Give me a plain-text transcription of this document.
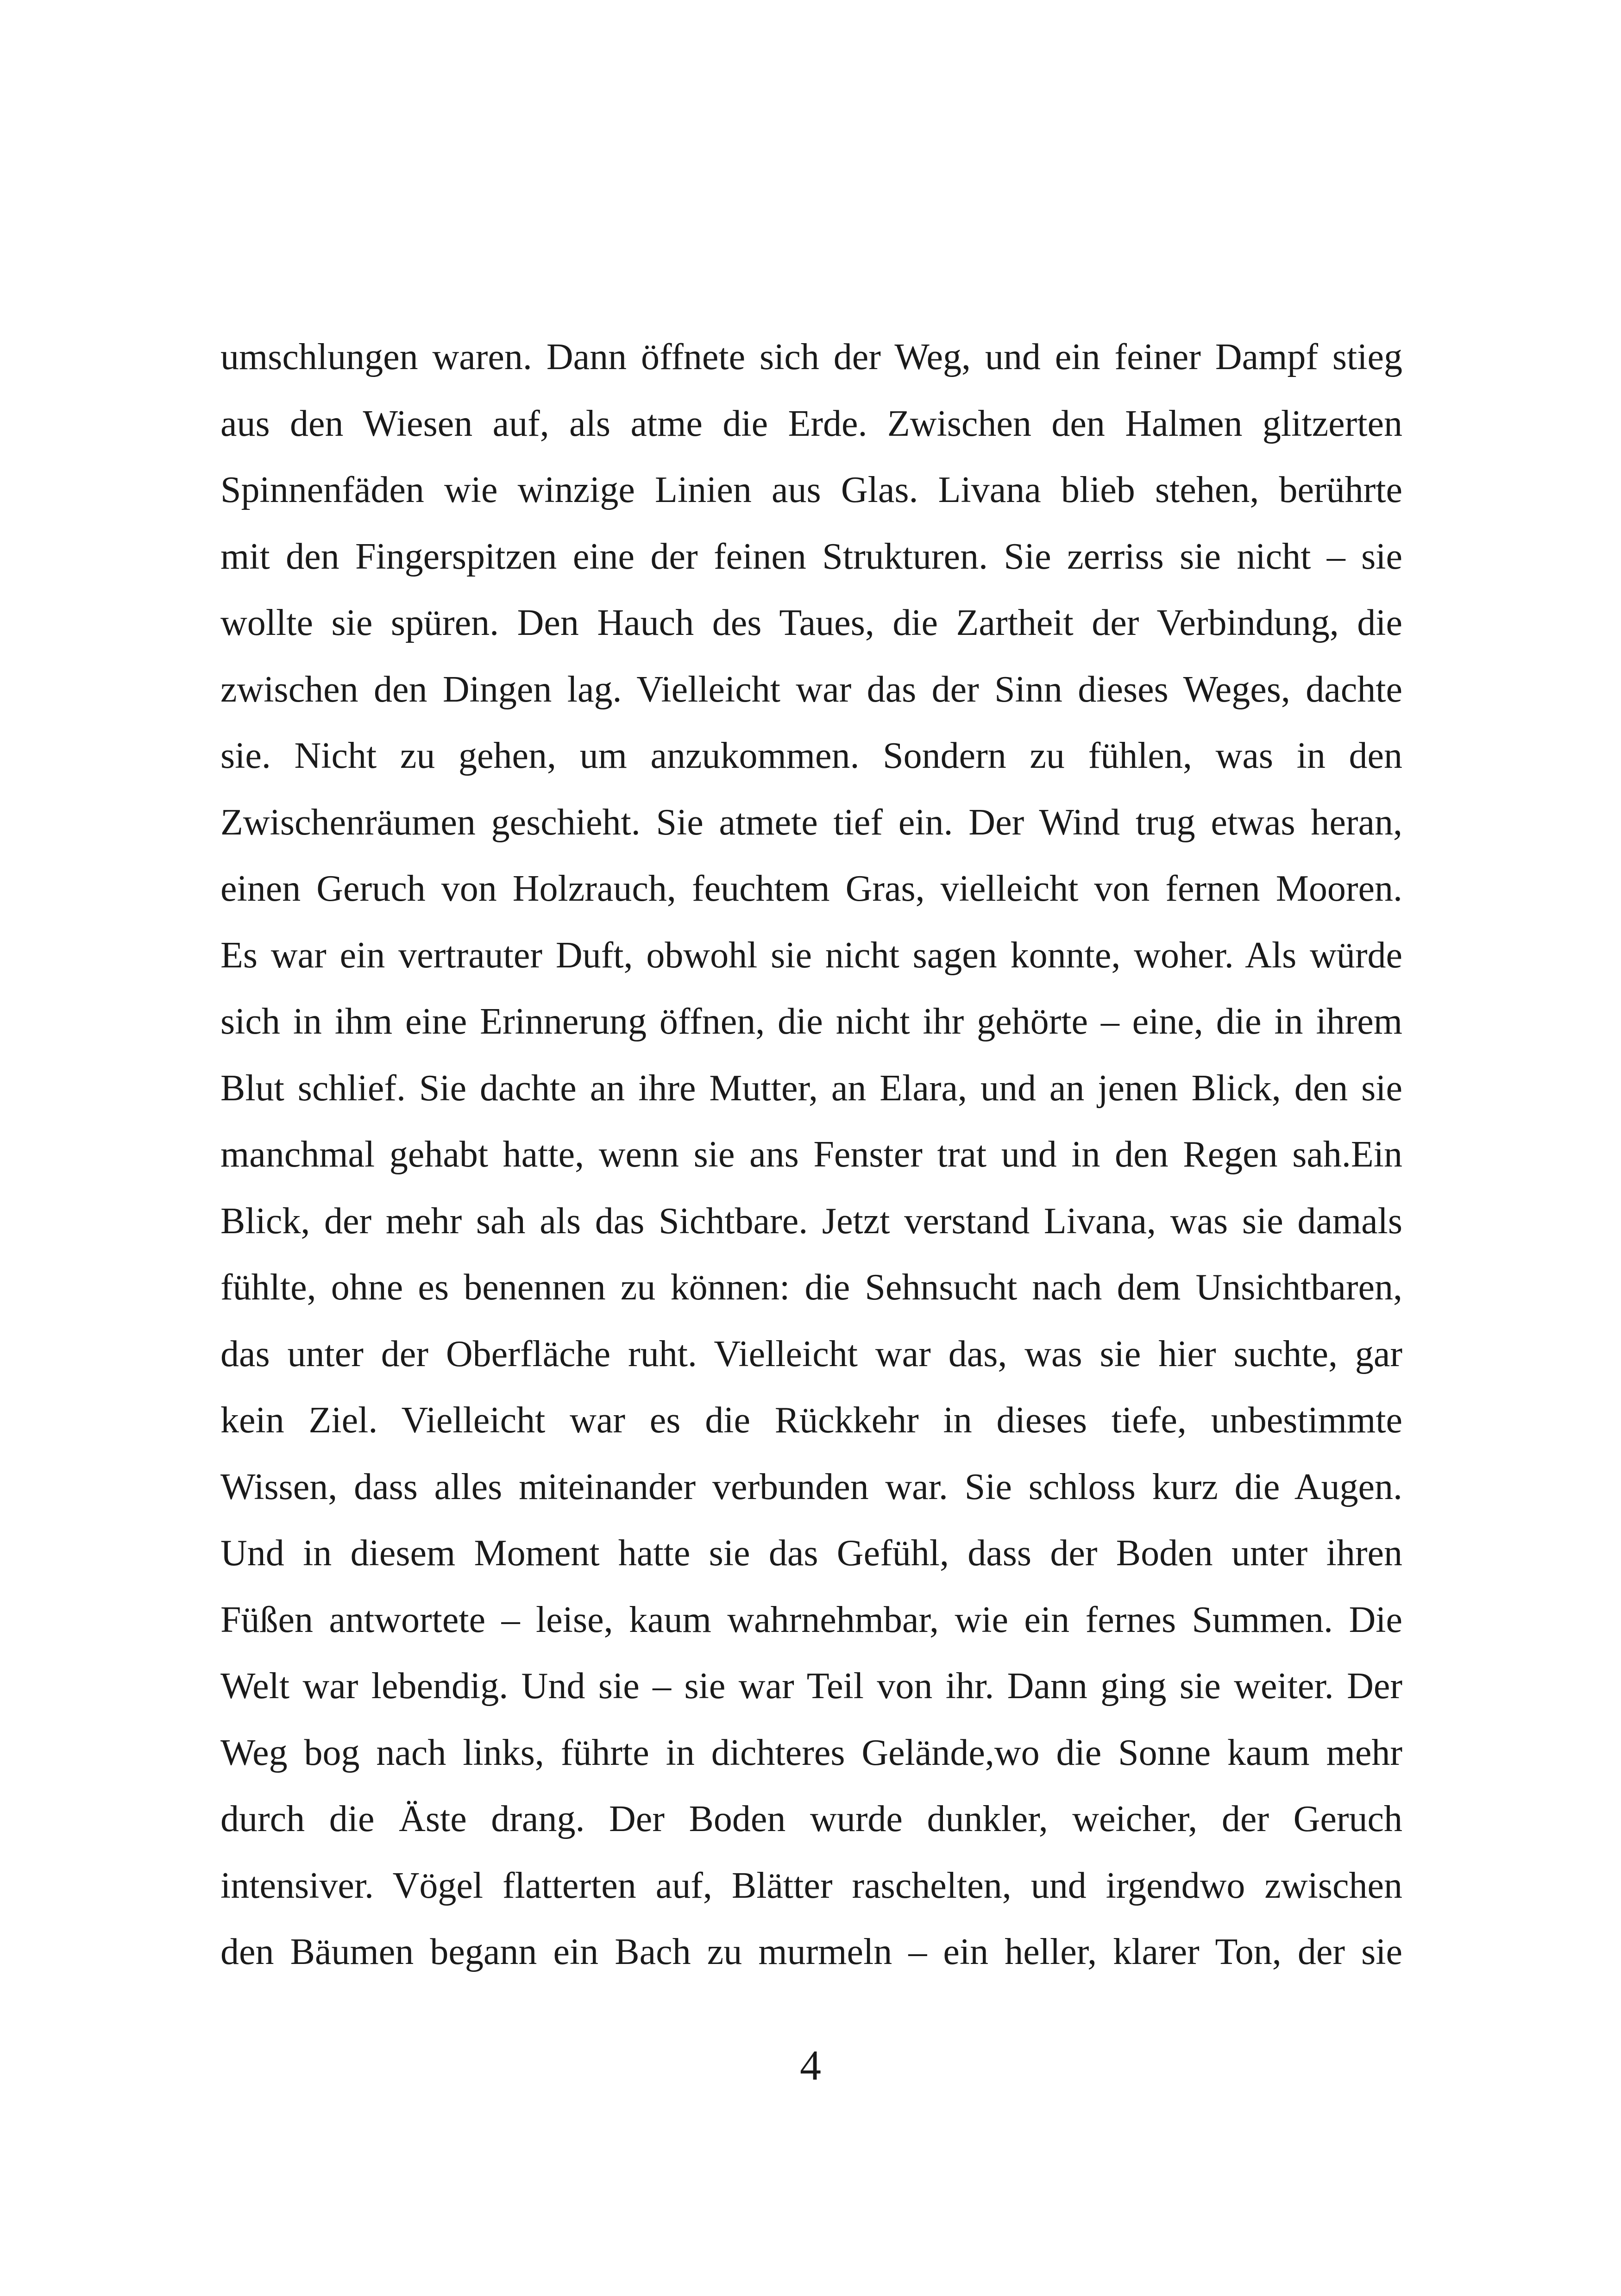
umschlungen waren. Dann öffnete sich der Weg, und ein feiner Dampf stieg
aus den Wiesen auf, als atme die Erde. Zwischen den Halmen glitzerten
Spinnenfäden wie winzige Linien aus Glas. Livana blieb stehen, berührte
mit den Fingerspitzen eine der feinen Strukturen. Sie zerriss sie nicht – sie
wollte sie spüren. Den Hauch des Taues, die Zartheit der Verbindung, die
zwischen den Dingen lag. Vielleicht war das der Sinn dieses Weges, dachte
sie. Nicht zu gehen, um anzukommen. Sondern zu fühlen, was in den
Zwischenräumen geschieht. Sie atmete tief ein. Der Wind trug etwas heran,
einen Geruch von Holzrauch, feuchtem Gras, vielleicht von fernen Mooren.
Es war ein vertrauter Duft, obwohl sie nicht sagen konnte, woher. Als würde
sich in ihm eine Erinnerung öffnen, die nicht ihr gehörte – eine, die in ihrem
Blut schlief. Sie dachte an ihre Mutter, an Elara, und an jenen Blick, den sie
manchmal gehabt hatte, wenn sie ans Fenster trat und in den Regen sah.Ein
Blick, der mehr sah als das Sichtbare. Jetzt verstand Livana, was sie damals
fühlte, ohne es benennen zu können: die Sehnsucht nach dem Unsichtbaren,
das unter der Oberfläche ruht. Vielleicht war das, was sie hier suchte, gar
kein Ziel. Vielleicht war es die Rückkehr in dieses tiefe, unbestimmte
Wissen, dass alles miteinander verbunden war. Sie schloss kurz die Augen.
Und in diesem Moment hatte sie das Gefühl, dass der Boden unter ihren
Füßen antwortete – leise, kaum wahrnehmbar, wie ein fernes Summen. Die
Welt war lebendig. Und sie – sie war Teil von ihr. Dann ging sie weiter. Der
Weg bog nach links, führte in dichteres Gelände,wo die Sonne kaum mehr
durch die Äste drang. Der Boden wurde dunkler, weicher, der Geruch
intensiver. Vögel flatterten auf, Blätter raschelten, und irgendwo zwischen
den Bäumen begann ein Bach zu murmeln – ein heller, klarer Ton, der sie
4
